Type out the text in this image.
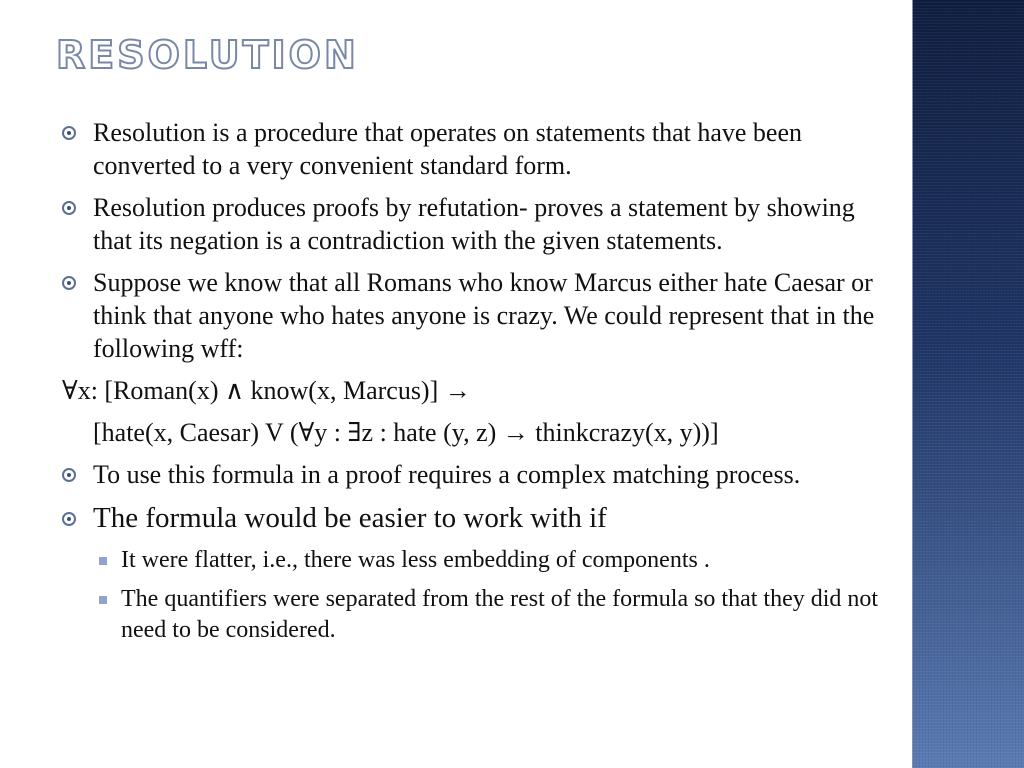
RESOLUTION
Resolution is a procedure that operates on statements that have been converted to a very convenient standard form.
Resolution produces proofs by refutation- proves a statement by showing that its negation is a contradiction with the given statements.
Suppose we know that all Romans who know Marcus either hate Caesar or think that anyone who hates anyone is crazy. We could represent that in the following wff:
∀x: [Roman(x) ∧ know(x, Marcus)] →
[hate(x, Caesar) V (∀y : ∃z : hate (y, z) → thinkcrazy(x, y))]
To use this formula in a proof requires a complex matching process.
The formula would be easier to work with if
It were flatter, i.e., there was less embedding of components .
The quantifiers were separated from the rest of the formula so that they did not need to be considered.
